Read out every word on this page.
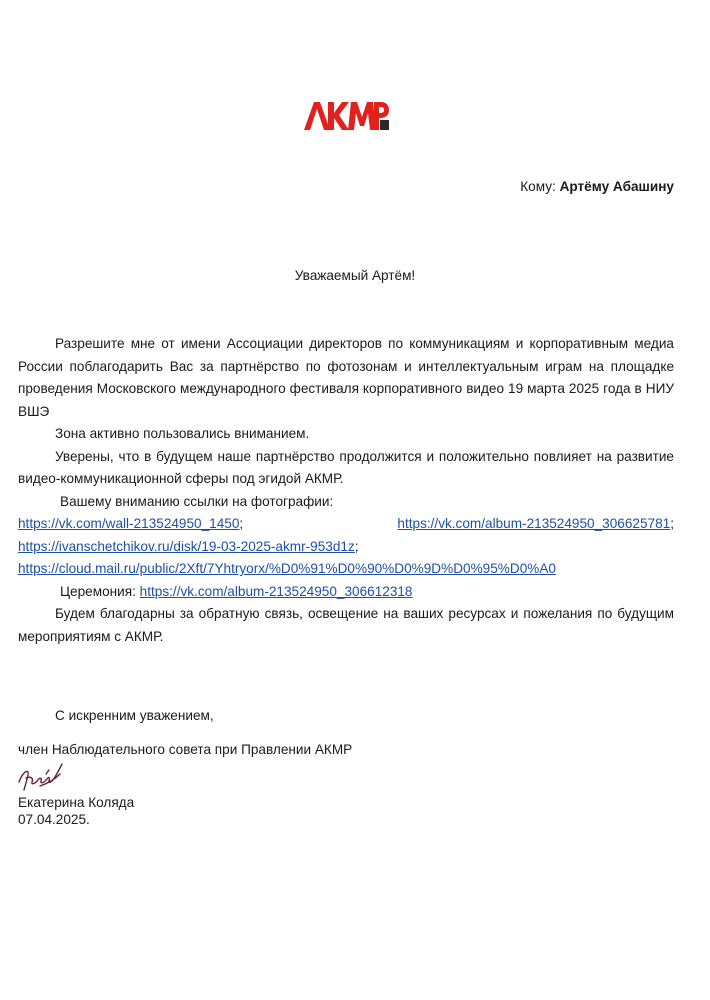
Кому: Артёму Абашину
Уважаемый Артём!

Разрешите мне от имени Ассоциации директоров по коммуникациям и корпоративным медиа России поблагодарить Вас за партнёрство по фотозонам и интеллектуальным играм на площадке проведения Московского международного фестиваля корпоративного видео 19 марта 2025 года в НИУ ВШЭ

Зона активно пользовались вниманием.

Уверены, что в будущем наше партнёрство продолжится и положительно повлияет на развитие видео-коммуникационной сферы под эгидой АКМР.

Вашему вниманию ссылки на фотографии:

https://vk.com/wall-213524950_1450;	https://vk.com/album-213524950_306625781;

https://ivanschetchikov.ru/disk/19-03-2025-akmr-953d1z;

https://cloud.mail.ru/public/2Xft/7Yhtryorx/%D0%91%D0%90%D0%9D%D0%95%D0%A0

Церемония: https://vk.com/album-213524950_306612318

Будем благодарны за обратную связь, освещение на ваших ресурсах и пожелания по будущим мероприятиям с АКМР.

С искренним уважением,
член Наблюдательного совета при Правлении АКМР
Екатерина Коляда
07.04.2025.
